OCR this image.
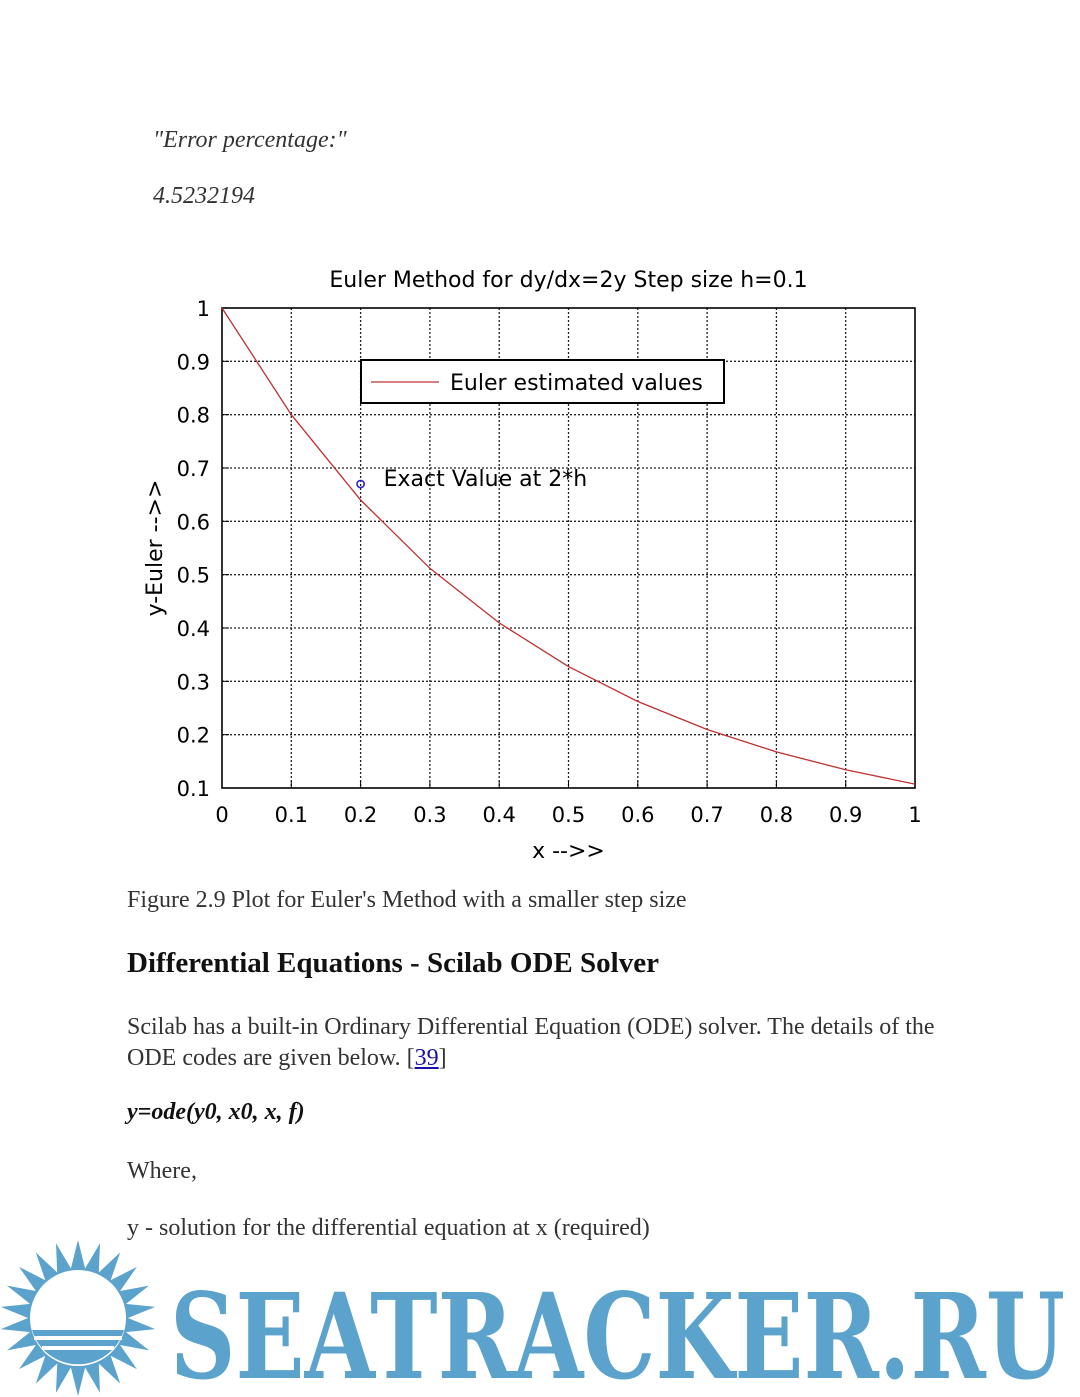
"Error percentage:"
4.5232194
0 0.1 0.2 0.3 0.4 0.5 0.6 0.7 0.8 0.9 1
0.1
0.2
0.3
0.4
0.5
0.6
0.7
0.8
0.9
1
Exact Value at 2*h
Euler estimated values
Euler Method for dy/dx=2y Step size h=0.1
x -->>
y-Euler -->>
Figure 2.9 Plot for Euler's Method with a smaller step size
Differential Equations - Scilab ODE Solver
Scilab has a built-in Ordinary Differential Equation (ODE) solver. The details of the ODE codes are given below. [39]
y=ode(y0, x0, x, f)
Where,
y - solution for the differential equation at x (required)
SEATRACKER.RU
